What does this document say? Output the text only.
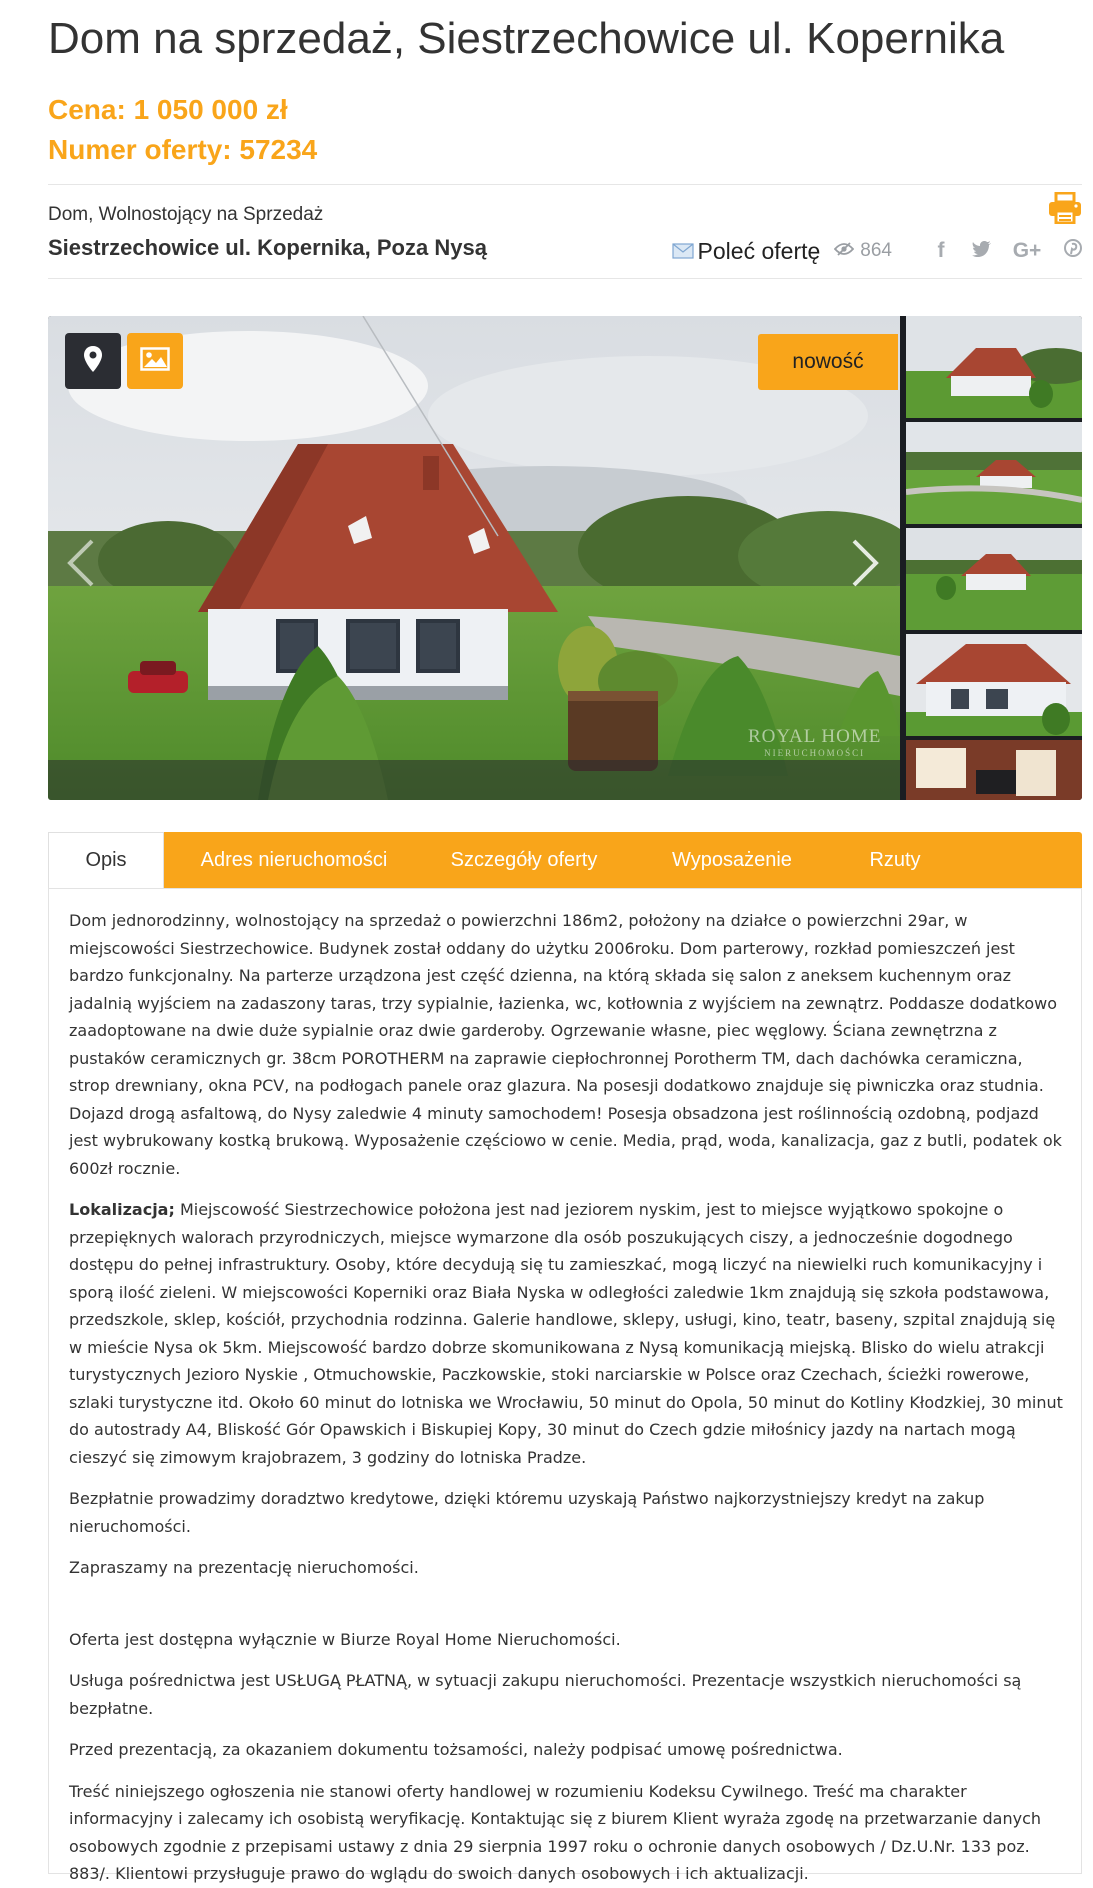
Dom na sprzedaż, Siestrzechowice ul. Kopernika
Cena: 1 050 000 zł
Numer oferty: 57234
Dom, Wolnostojący na Sprzedaż
Siestrzechowice ul. Kopernika, Poza Nysą	Poleć ofertę 864 f	G+
ROYAL HOME
NIERUCHOMOŚCI
nowość
Opis	Adres nieruchomości	Szczegóły oferty	Wyposażenie	Rzuty

Dom jednorodzinny, wolnostojący na sprzedaż o powierzchni 186m2, położony na działce o powierzchni 29ar, w miejscowości Siestrzechowice. Budynek został oddany do użytku 2006roku. Dom parterowy, rozkład pomieszczeń jest bardzo funkcjonalny. Na parterze urządzona jest część dzienna, na którą składa się salon z aneksem kuchennym oraz jadalnią wyjściem na zadaszony taras, trzy sypialnie, łazienka, wc, kotłownia z wyjściem na zewnątrz. Poddasze dodatkowo zaadoptowane na dwie duże sypialnie oraz dwie garderoby. Ogrzewanie własne, piec węglowy. Ściana zewnętrzna z pustaków ceramicznych gr. 38cm POROTHERM na zaprawie ciepłochronnej Porotherm TM, dach dachówka ceramiczna, strop drewniany, okna PCV, na podłogach panele oraz glazura. Na posesji dodatkowo znajduje się piwniczka oraz studnia. Dojazd drogą asfaltową, do Nysy zaledwie 4 minuty samochodem! Posesja obsadzona jest roślinnością ozdobną, podjazd jest wybrukowany kostką brukową. Wyposażenie częściowo w cenie. Media, prąd, woda, kanalizacja, gaz z butli, podatek ok 600zł rocznie.

Lokalizacja; Miejscowość Siestrzechowice położona jest nad jeziorem nyskim, jest to miejsce wyjątkowo spokojne o przepięknych walorach przyrodniczych, miejsce wymarzone dla osób poszukujących ciszy, a jednocześnie dogodnego dostępu do pełnej infrastruktury. Osoby, które decydują się tu zamieszkać, mogą liczyć na niewielki ruch komunikacyjny i sporą ilość zieleni. W miejscowości Koperniki oraz Biała Nyska w odległości zaledwie 1km znajdują się szkoła podstawowa, przedszkole, sklep, kościół, przychodnia rodzinna. Galerie handlowe, sklepy, usługi, kino, teatr, baseny, szpital znajdują się w mieście Nysa ok 5km. Miejscowość bardzo dobrze skomunikowana z Nysą komunikacją miejską. Blisko do wielu atrakcji turystycznych Jezioro Nyskie , Otmuchowskie, Paczkowskie, stoki narciarskie w Polsce oraz Czechach, ścieżki rowerowe, szlaki turystyczne itd. Około 60 minut do lotniska we Wrocławiu, 50 minut do Opola, 50 minut do Kotliny Kłodzkiej, 30 minut do autostrady A4, Bliskość Gór Opawskich i Biskupiej Kopy, 30 minut do Czech gdzie miłośnicy jazdy na nartach mogą cieszyć się zimowym krajobrazem, 3 godziny do lotniska Pradze.

Bezpłatnie prowadzimy doradztwo kredytowe, dzięki któremu uzyskają Państwo najkorzystniejszy kredyt na zakup nieruchomości.

Zapraszamy na prezentację nieruchomości.

Oferta jest dostępna wyłącznie w Biurze Royal Home Nieruchomości.

Usługa pośrednictwa jest USŁUGĄ PŁATNĄ, w sytuacji zakupu nieruchomości. Prezentacje wszystkich nieruchomości są bezpłatne.

Przed prezentacją, za okazaniem dokumentu tożsamości, należy podpisać umowę pośrednictwa.

Treść niniejszego ogłoszenia nie stanowi oferty handlowej w rozumieniu Kodeksu Cywilnego. Treść ma charakter informacyjny i zalecamy ich osobistą weryfikację. Kontaktując się z biurem Klient wyraża zgodę na przetwarzanie danych osobowych zgodnie z przepisami ustawy z dnia 29 sierpnia 1997 roku o ochronie danych osobowych / Dz.U.Nr. 133 poz. 883/. Klientowi przysługuje prawo do wglądu do swoich danych osobowych i ich aktualizacji.
